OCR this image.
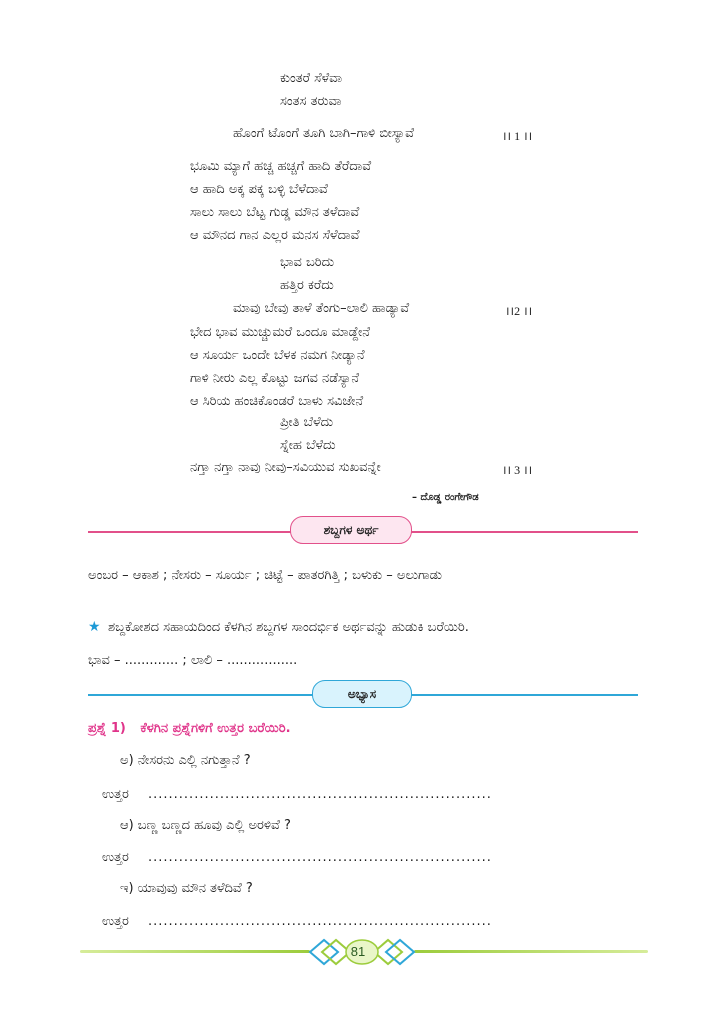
ಕುಂತರೆ ಸೆಳೆವಾ
ಸಂತಸ ತರುವಾ
ಹೊಂಗೆ ಟೊಂಗೆ ತೂಗಿ ಬಾಗಿ–ಗಾಳಿ ಬೀಸ್ಯಾವೆ	।। 1 ।।
ಭೂಮಿ ಮ್ಯಾಗೆ ಹಚ್ಚ ಹಚ್ಚಗೆ ಹಾದಿ ತೆರೆದಾವೆ
ಆ ಹಾದಿ ಅಕ್ಕ ಪಕ್ಕ ಬಳ್ಳಿ ಬೆಳೆದಾವೆ
ಸಾಲು ಸಾಲು ಬೆಟ್ಟ ಗುಡ್ಡ ಮೌನ ತಳೆದಾವೆ
ಆ ಮೌನದ ಗಾನ ಎಲ್ಲರ ಮನಸ ಸೆಳೆದಾವೆ
ಭಾವ ಬರಿದು
ಹತ್ತಿರ ಕರೆದು
ಮಾವು ಬೇವು ತಾಳೆ ತೆಂಗು–ಲಾಲಿ ಹಾಡ್ಯಾವೆ	।।2 ।।
ಭೇದ ಭಾವ ಮುಚ್ಚುಮರೆ ಒಂದೂ ಮಾಡ್ದೇನೆ
ಆ ಸೂರ್ಯ ಒಂದೇ ಬೆಳಕ ನಮಗ ನೀಡ್ಯಾನೆ
ಗಾಳಿ ನೀರು ಎಲ್ಲ ಕೊಟ್ಟು ಜಗವ ನಡೆಸ್ಯಾನೆ
ಆ ಸಿರಿಯ ಹಂಚಿಕೊಂಡರೆ ಬಾಳು ಸವಿಜೇನೆ
ಪ್ರೀತಿ ಬೆಳೆದು
ಸ್ನೇಹ ಬೆಳೆದು
ನಗ್ತಾ ನಗ್ತಾ ನಾವು ನೀವು–ಸವಿಯುವ ಸುಖವನ್ನೇ	।। 3 ।।
– ದೊಡ್ಡ ರಂಗೇಗೌಡ
ಶಬ್ದಗಳ ಅರ್ಥ
ಅಂಬರ – ಆಕಾಶ ; ನೇಸರು – ಸೂರ್ಯ ; ಚಿಟ್ಟೆ – ಪಾತರಗಿತ್ತಿ ; ಬಳುಕು – ಅಲುಗಾಡು
★ ಶಬ್ದಕೋಶದ ಸಹಾಯದಿಂದ ಕೆಳಗಿನ ಶಬ್ದಗಳ ಸಾಂದರ್ಭಿಕ ಅರ್ಥವನ್ನು ಹುಡುಕಿ ಬರೆಯಿರಿ.
ಭಾವ – ............. ; ಲಾಲಿ – .................
ಅಭ್ಯಾಸ
ಪ್ರಶ್ನೆ 1) ಕೆಳಗಿನ ಪ್ರಶ್ನೆಗಳಿಗೆ ಉತ್ತರ ಬರೆಯಿರಿ.
ಅ) ನೇಸರನು ಎಲ್ಲಿ ನಗುತ್ತಾನೆ ?
ಉತ್ತರ ...................................................................
ಆ) ಬಣ್ಣ ಬಣ್ಣದ ಹೂವು ಎಲ್ಲಿ ಅರಳಿವೆ ?
ಉತ್ತರ ...................................................................
ಇ) ಯಾವುವು ಮೌನ ತಳೆದಿವೆ ?
ಉತ್ತರ ...................................................................
81
